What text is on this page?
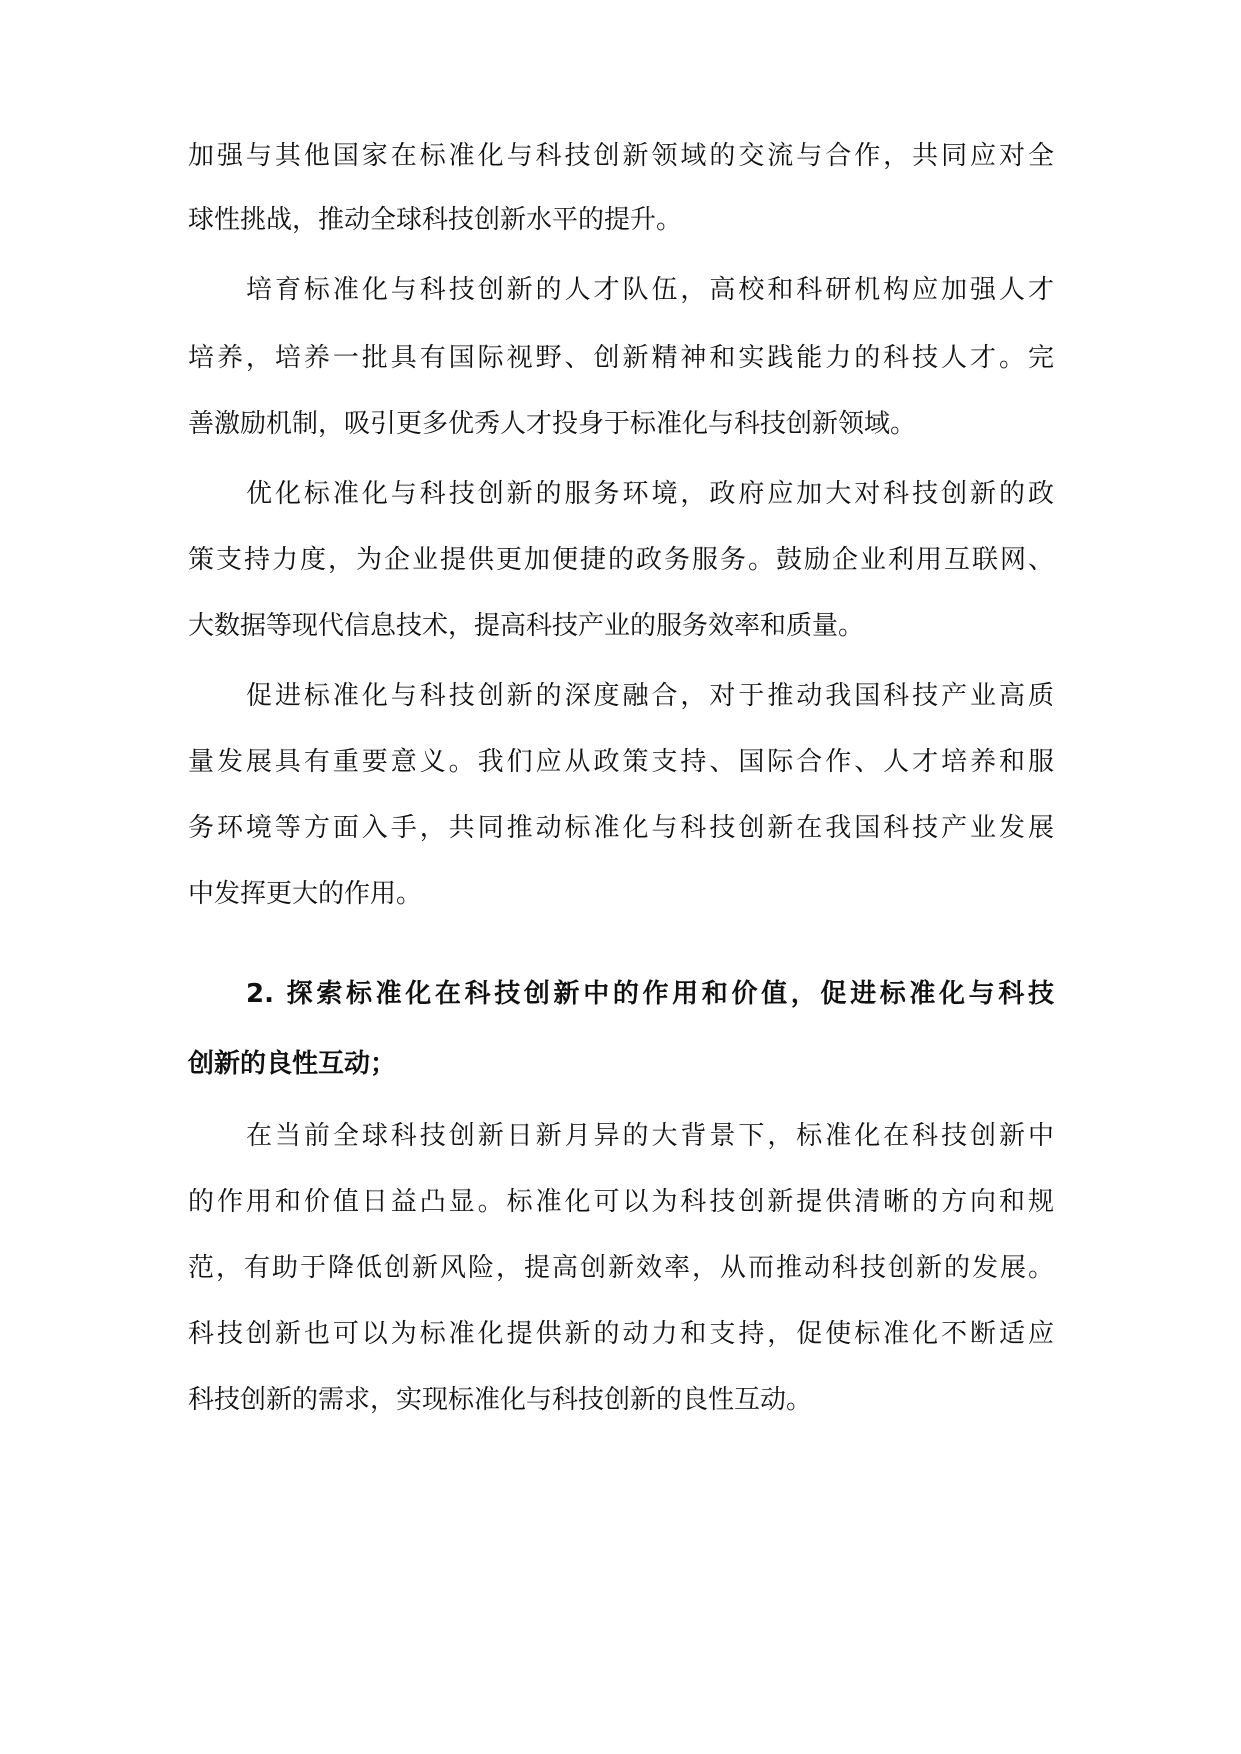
加强与其他国家在标准化与科技创新领域的交流与合作，共同应对全
球性挑战，推动全球科技创新水平的提升。
培育标准化与科技创新的人才队伍，高校和科研机构应加强人才
培养，培养一批具有国际视野、创新精神和实践能力的科技人才。完
善激励机制，吸引更多优秀人才投身于标准化与科技创新领域。
优化标准化与科技创新的服务环境，政府应加大对科技创新的政
策支持力度，为企业提供更加便捷的政务服务。鼓励企业利用互联网、
大数据等现代信息技术，提高科技产业的服务效率和质量。
促进标准化与科技创新的深度融合，对于推动我国科技产业高质
量发展具有重要意义。我们应从政策支持、国际合作、人才培养和服
务环境等方面入手，共同推动标准化与科技创新在我国科技产业发展
中发挥更大的作用。
2. 探索标准化在科技创新中的作用和价值，促进标准化与科技
创新的良性互动；
在当前全球科技创新日新月异的大背景下，标准化在科技创新中
的作用和价值日益凸显。标准化可以为科技创新提供清晰的方向和规
范，有助于降低创新风险，提高创新效率，从而推动科技创新的发展。
科技创新也可以为标准化提供新的动力和支持，促使标准化不断适应
科技创新的需求，实现标准化与科技创新的良性互动。
